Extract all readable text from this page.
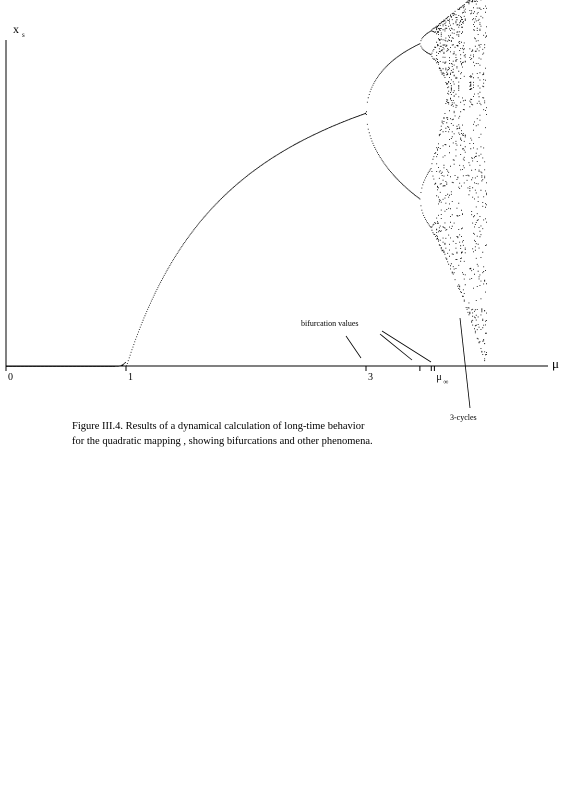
x s
μ
0	1	3	μ ∞
bifurcation values
3-cycles
Figure III.4. Results of a dynamical calculation of long-time behavior
for the quadratic mapping , showing bifurcations and other phenomena.
